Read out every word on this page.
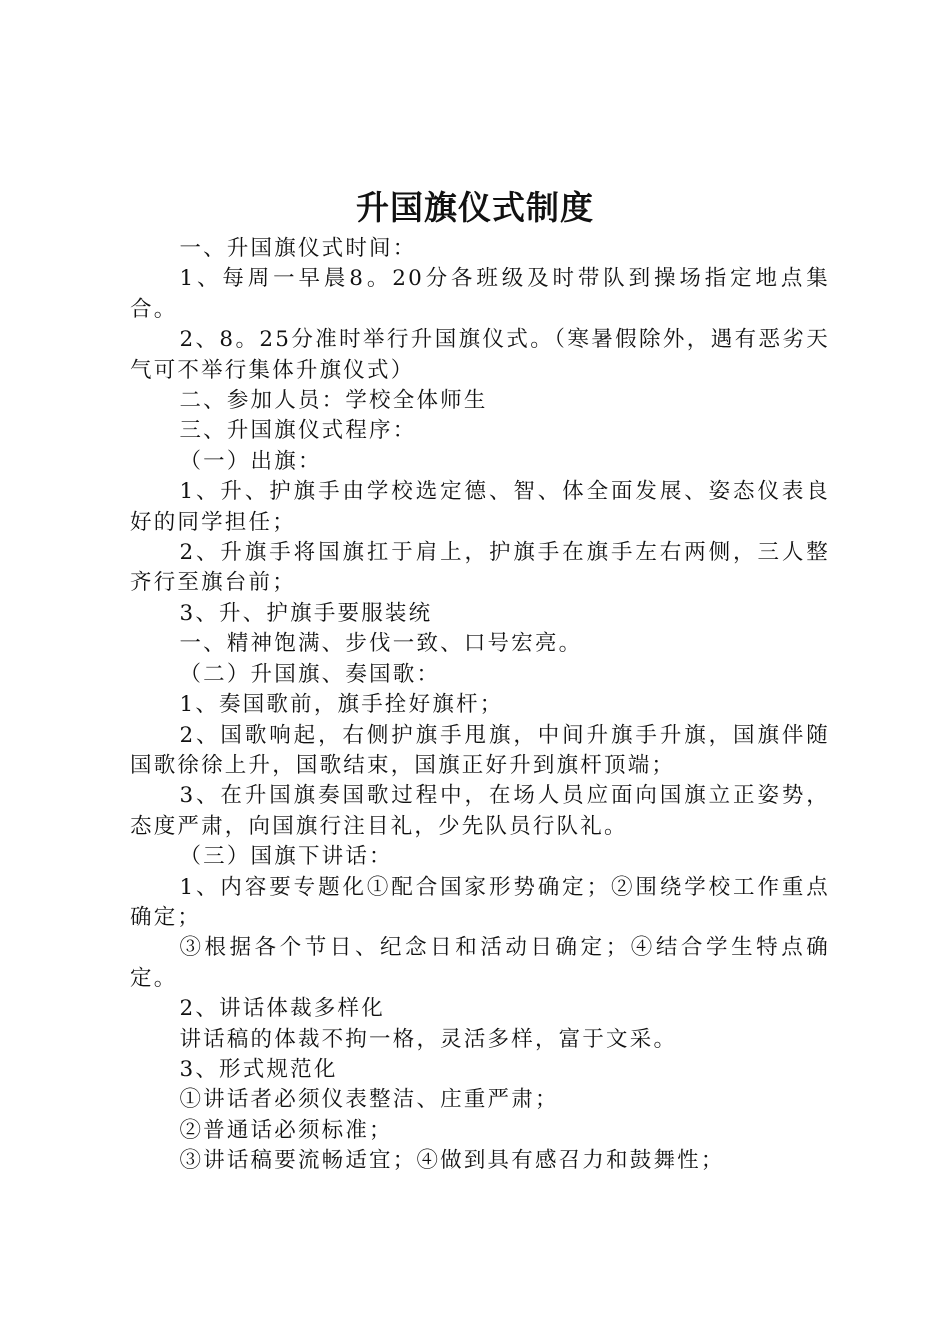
升国旗仪式制度

一、升国旗仪式时间：

1、每周一早晨8。20分各班级及时带队到操场指定地点集合。

2、8。25分准时举行升国旗仪式。（寒暑假除外，遇有恶劣天气可不举行集体升旗仪式）

二、参加人员：学校全体师生

三、升国旗仪式程序：

（一）出旗：

1、升、护旗手由学校选定德、智、体全面发展、姿态仪表良好的同学担任；

2、升旗手将国旗扛于肩上，护旗手在旗手左右两侧，三人整齐行至旗台前；

3、升、护旗手要服装统

一、精神饱满、步伐一致、口号宏亮。

（二）升国旗、奏国歌：

1、奏国歌前，旗手拴好旗杆；

2、国歌响起，右侧护旗手甩旗，中间升旗手升旗，国旗伴随国歌徐徐上升，国歌结束，国旗正好升到旗杆顶端；

3、在升国旗奏国歌过程中，在场人员应面向国旗立正姿势，态度严肃，向国旗行注目礼，少先队员行队礼。

（三）国旗下讲话：

1、内容要专题化①配合国家形势确定；②围绕学校工作重点确定；

③根据各个节日、纪念日和活动日确定；④结合学生特点确定。

2、讲话体裁多样化

讲话稿的体裁不拘一格，灵活多样，富于文采。

3、形式规范化

①讲话者必须仪表整洁、庄重严肃；

②普通话必须标准；

③讲话稿要流畅适宜；④做到具有感召力和鼓舞性；
